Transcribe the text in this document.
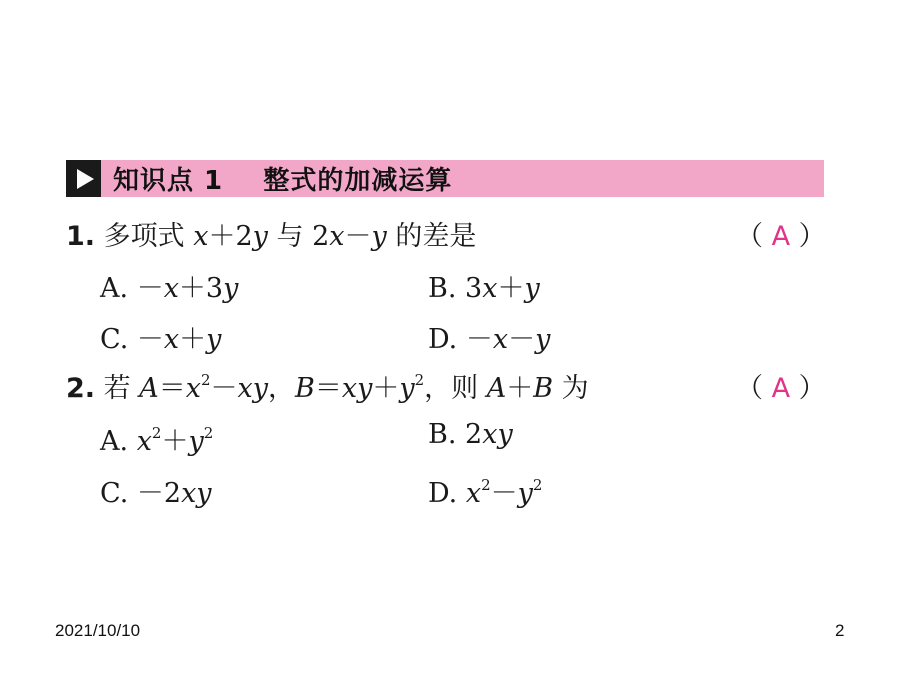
知识点 1    整式的加减运算
1. 多项式 x＋2y 与 2x－y 的差是	（ A ）
A. －x＋3y	B. 3x＋y
C. －x＋y	D. －x－y
2. 若 $A=x^2-xy$，$B=xy+y^2$，则 A＋B 为	（ A ）
A. $x^2+y^2$	B. 2xy
C. －2xy	D. $x^2-y^2$
2021/10/10	2
